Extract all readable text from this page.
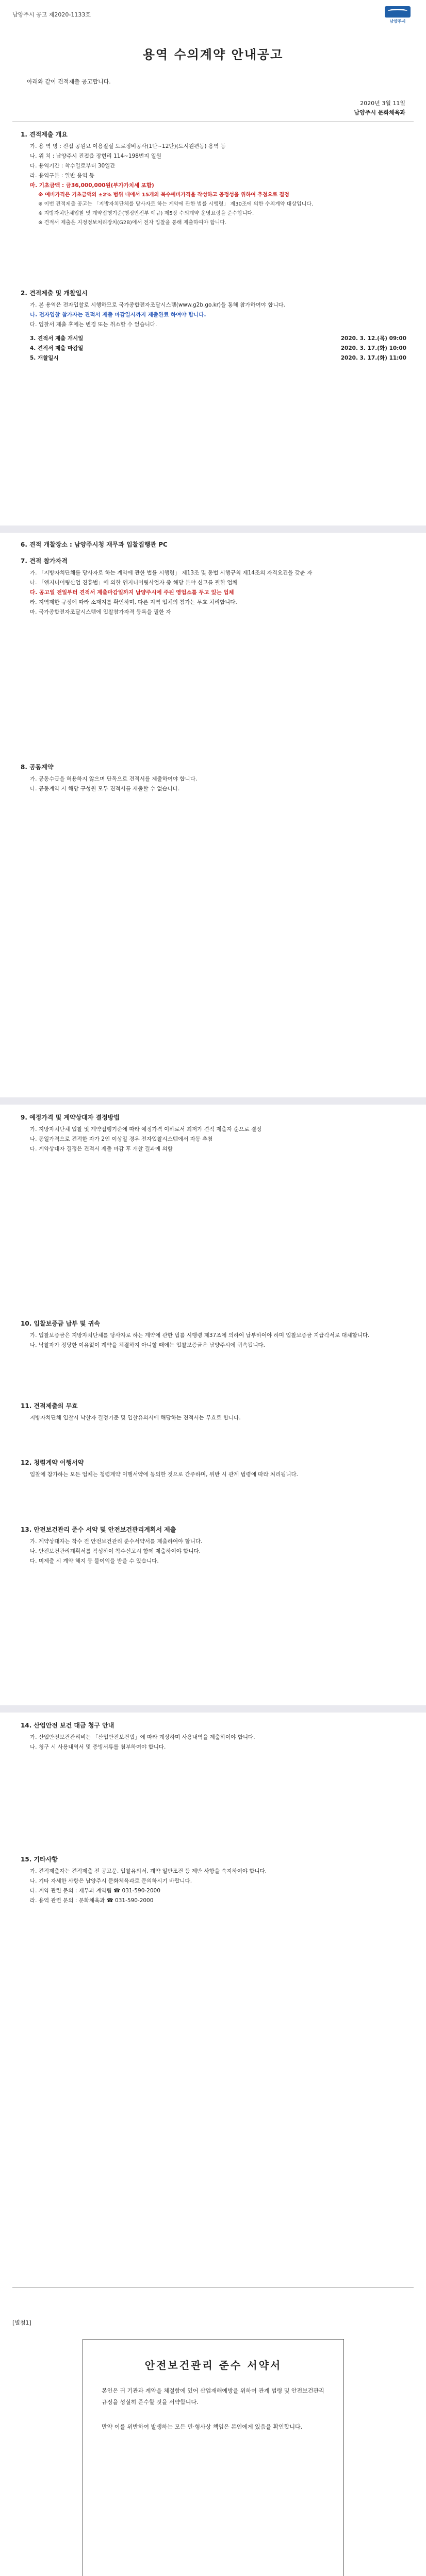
남양주시 공고 제2020-1133호
남양주시
용역 수의계약 안내공고
아래와 같이 견적제출 공고합니다.
2020년 3월 11일
남양주시 문화체육과
1. 견적제출 개요
가. 용 역 명 : 진접 공원묘 이용질실 도로정비공사(1단~12단)(도시원편동) 용역 등
나. 위 치 : 남양주시 진접읍 장현리 114~198번지 일원
다. 용역기간 : 착수일로부터 30일간
라. 용역구분 : 일반 용역 등
마. 기초금액 : 금36,000,000원(부가가치세 포함)
※ 예비가격은 기초금액의 ±2% 범위 내에서 15개의 복수예비가격을 작성하고 공정성을 위하여 추첨으로 결정
※ 이번 견적제출 공고는 「지방자치단체를 당사자로 하는 계약에 관한 법률 시행령」 제30조에 의한 수의계약 대상입니다.
※ 지방자치단체입찰 및 계약집행기준(행정안전부 예규) 제5장 수의계약 운영요령을 준수합니다.
※ 견적서 제출은 지정정보처리장치(G2B)에서 전자 입찰을 통해 제출하여야 합니다.
2. 견적제출 및 개찰일시
가. 본 용역은 전자입찰로 시행하므로 국가종합전자조달시스템(www.g2b.go.kr)을 통해 참가하여야 합니다.
나. 전자입찰 참가자는 견적서 제출 마감일시까지 제출완료 하여야 합니다.
다. 입찰서 제출 후에는 변경 또는 취소할 수 없습니다.
3. 견적서 제출 개시일	2020. 3. 12.(목) 09:00
4. 견적서 제출 마감일	2020. 3. 17.(화) 10:00
5. 개찰일시	2020. 3. 17.(화) 11:00
6. 견적 개찰장소 : 남양주시청 재무과 입찰집행관 PC
7. 견적 참가자격
가. 「지방자치단체를 당사자로 하는 계약에 관한 법률 시행령」 제13조 및 동법 시행규칙 제14조의 자격요건을 갖춘 자
나. 「엔지니어링산업 진흥법」에 의한 엔지니어링사업자 중 해당 분야 신고를 필한 업체
다. 공고일 전일부터 견적서 제출마감일까지 남양주시에 주된 영업소를 두고 있는 업체
라. 지역제한 규정에 따라 소재지를 확인하며, 다른 지역 업체의 참가는 무효 처리합니다.
마. 국가종합전자조달시스템에 입찰참가자격 등록을 필한 자
8. 공동계약
가. 공동수급을 허용하지 않으며 단독으로 견적서를 제출하여야 합니다.
나. 공동계약 시 해당 구성원 모두 견적서를 제출할 수 없습니다.
9. 예정가격 및 계약상대자 결정방법
가. 지방자치단체 입찰 및 계약집행기준에 따라 예정가격 이하로서 최저가 견적 제출자 순으로 결정
나. 동일가격으로 견적한 자가 2인 이상일 경우 전자입찰시스템에서 자동 추첨
다. 계약상대자 결정은 견적서 제출 마감 후 개찰 결과에 의함
10. 입찰보증금 납부 및 귀속
가. 입찰보증금은 지방자치단체를 당사자로 하는 계약에 관한 법률 시행령 제37조에 의하여 납부하여야 하며 입찰보증금 지급각서로 대체합니다.
나. 낙찰자가 정당한 이유없이 계약을 체결하지 아니할 때에는 입찰보증금은 남양주시에 귀속됩니다.
11. 견적제출의 무효
지방자치단체 입찰시 낙찰자 결정기준 및 입찰유의서에 해당하는 견적서는 무효로 합니다.
12. 청렴계약 이행서약
입찰에 참가하는 모든 업체는 청렴계약 이행서약에 동의한 것으로 간주하며, 위반 시 관계 법령에 따라 처리됩니다.
13. 안전보건관리 준수 서약 및 안전보건관리계획서 제출
가. 계약상대자는 착수 전 안전보건관리 준수서약서를 제출하여야 합니다.
나. 안전보건관리계획서를 작성하여 착수신고시 함께 제출하여야 합니다.
다. 미제출 시 계약 해지 등 불이익을 받을 수 있습니다.
14. 산업안전 보건 대금 청구 안내
가. 산업안전보건관리비는 「산업안전보건법」에 따라 계상하며 사용내역을 제출하여야 합니다.
나. 청구 시 사용내역서 및 증빙서류를 첨부하여야 합니다.
15. 기타사항
가. 견적제출자는 견적제출 전 공고문, 입찰유의서, 계약 일반조건 등 제반 사항을 숙지하여야 합니다.
나. 기타 자세한 사항은 남양주시 문화체육과로 문의하시기 바랍니다.
다. 계약 관련 문의 : 재무과 계약팀 ☎ 031-590-2000
라. 용역 관련 문의 : 문화체육과 ☎ 031-590-2000
[별첨1]
안전보건관리 준수 서약서
본인은 귀 기관과 계약을 체결함에 있어 산업재해예방을 위하여 관계 법령 및 안전보건관리 규정을 성실히 준수할 것을 서약합니다.
만약 이를 위반하여 발생하는 모든 민·형사상 책임은 본인에게 있음을 확인합니다.
